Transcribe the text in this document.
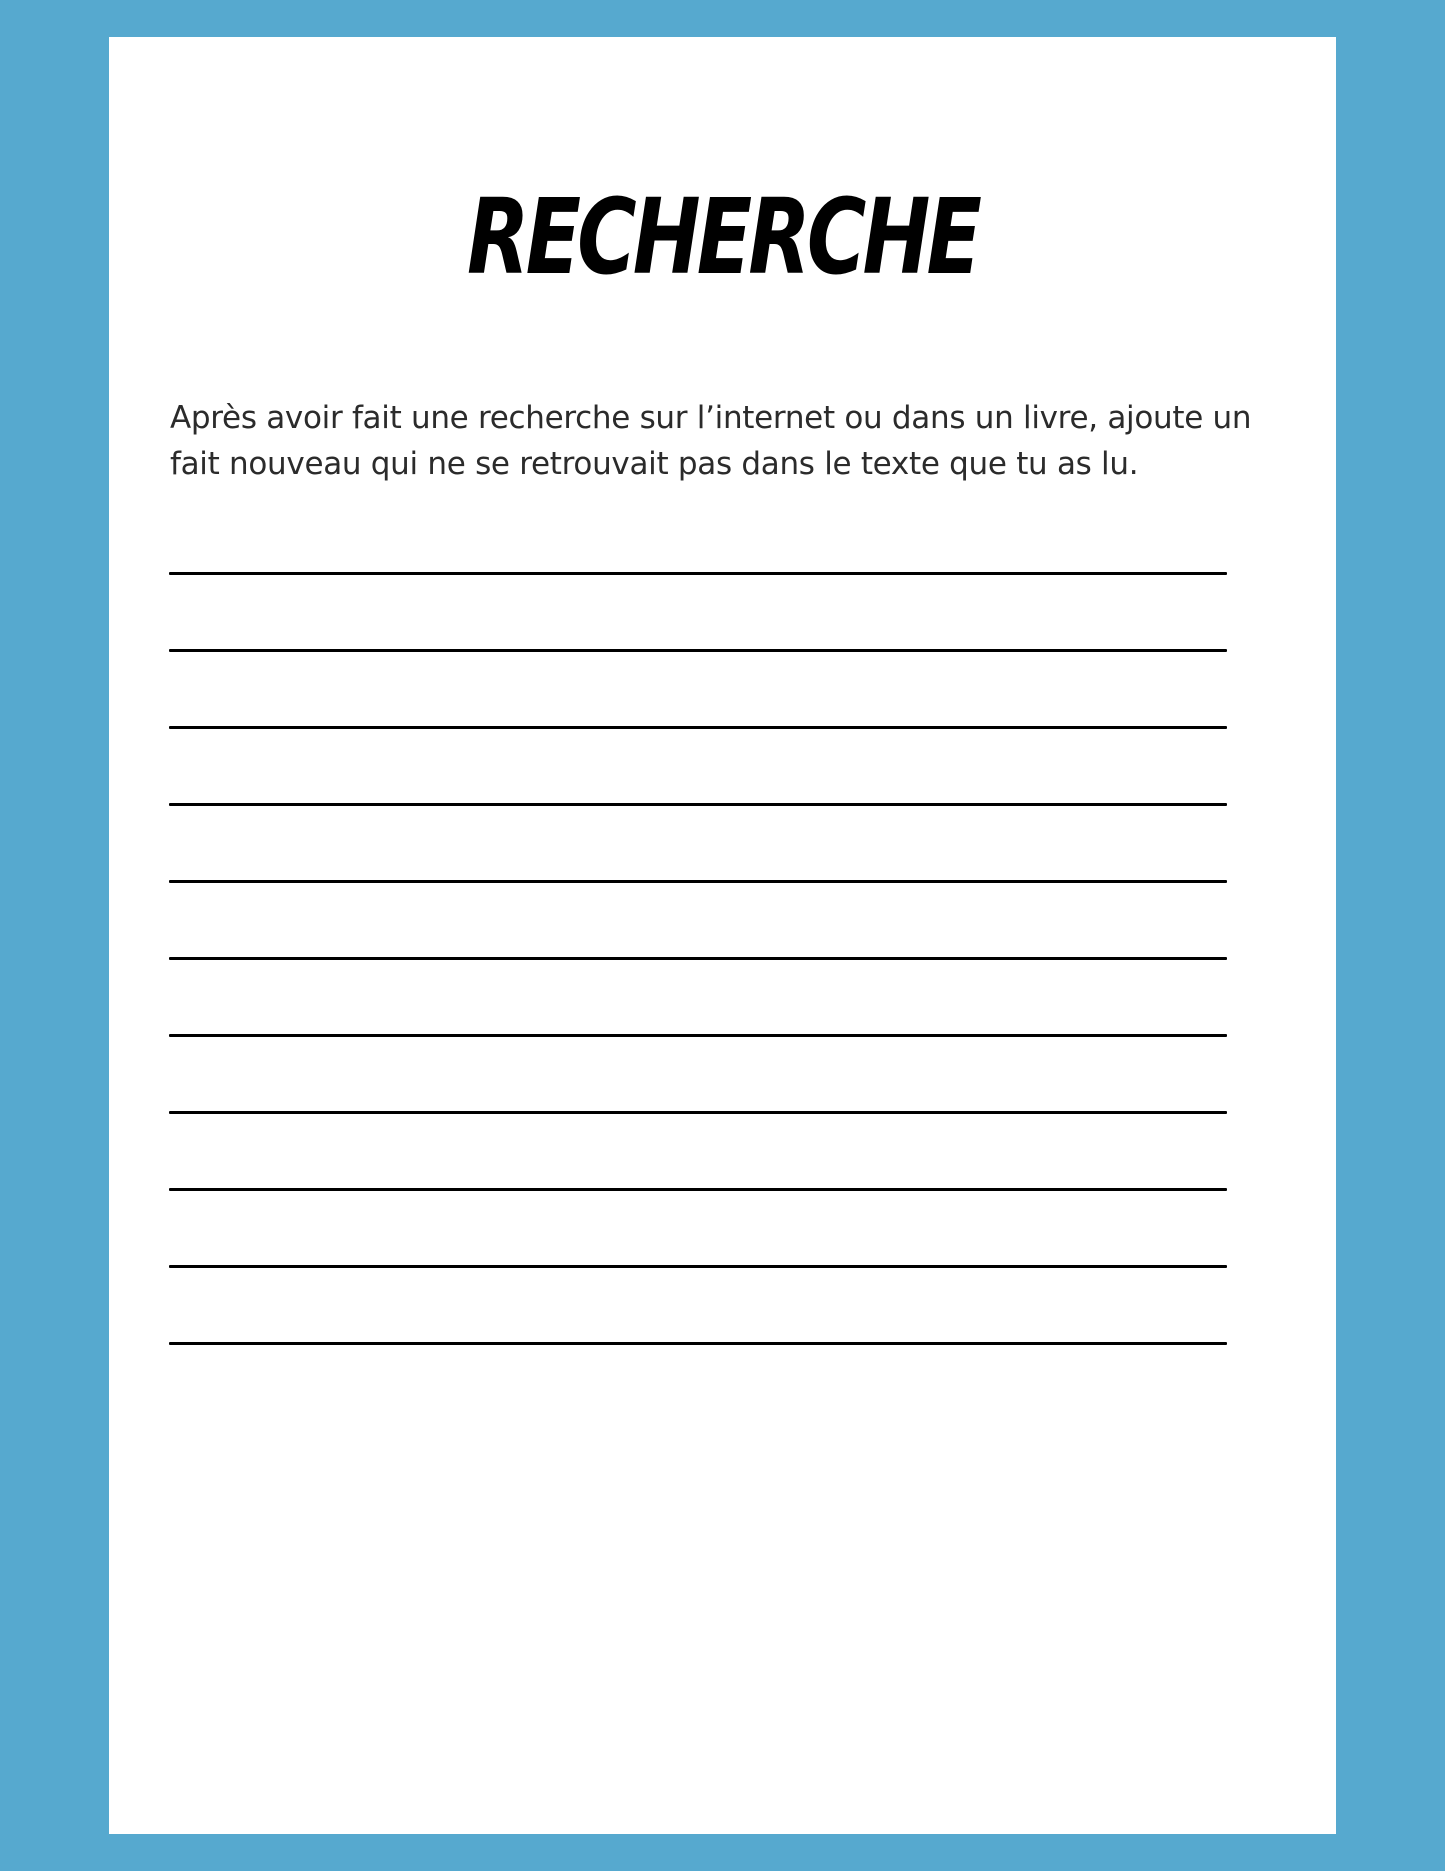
RECHERCHE

Après avoir fait une recherche sur l’internet ou dans un livre, ajoute un fait nouveau qui ne se retrouvait pas dans le texte que tu as lu.
